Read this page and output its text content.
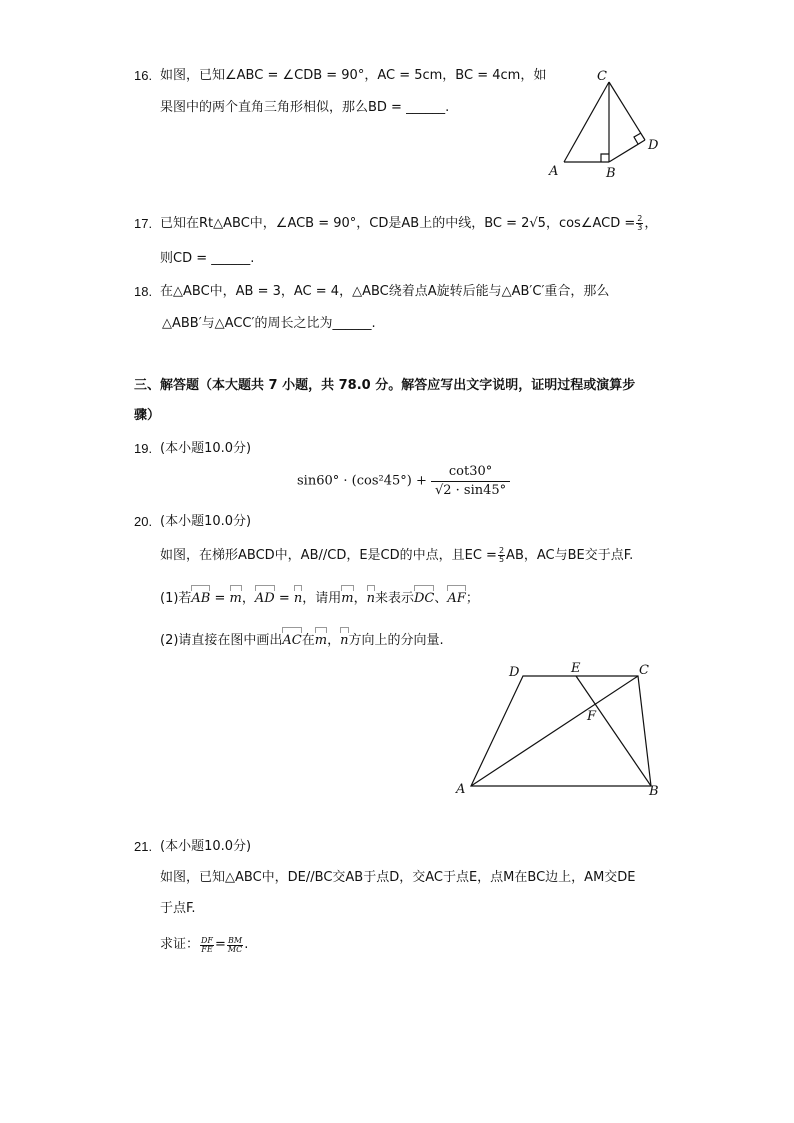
16. 如图，已知∠ABC = ∠CDB = 90°，AC = 5cm，BC = 4cm，如
果图中的两个直角三角形相似，那么BD = ______.
C
A	B
D
17. 已知在Rt△ABC中，∠ACB = 90°，CD是AB上的中线，BC = 2√5，cos∠ACD = $\frac{2}{3}$ ，
则CD = ______.
18. 在△ABC中，AB = 3，AC = 4，△ABC绕着点A旋转后能与△AB′C′重合，那么
△ABB′与△ACC′的周长之比为______.
三、解答题（本大题共 7 小题，共 78.0 分。解答应写出文字说明，证明过程或演算步
骤）
19. (本小题10.0分)
$\sin 60^\circ \cdot (\cos^245^\circ) + \frac{\cot 30^\circ}{√2 \cdot \sin 45^\circ}$
20. (本小题10.0分)
如图，在梯形ABCD中，AB//CD，E是CD的中点，且EC = $\frac{2}{5}$ AB，AC与BE交于点F.
(1)若AB = m，AD = n，请用m，n来表示DC、AF；
(2)请直接在图中画出AC在m，n方向上的分向量.
A	B
C
D	E
F
21. (本小题10.0分)
如图，已知△ABC中，DE//BC交AB于点D，交AC于点E，点M在BC边上，AM交DE
于点F.
求证： $\frac{DF}{FE} = \frac{BM}{MC}$ .
